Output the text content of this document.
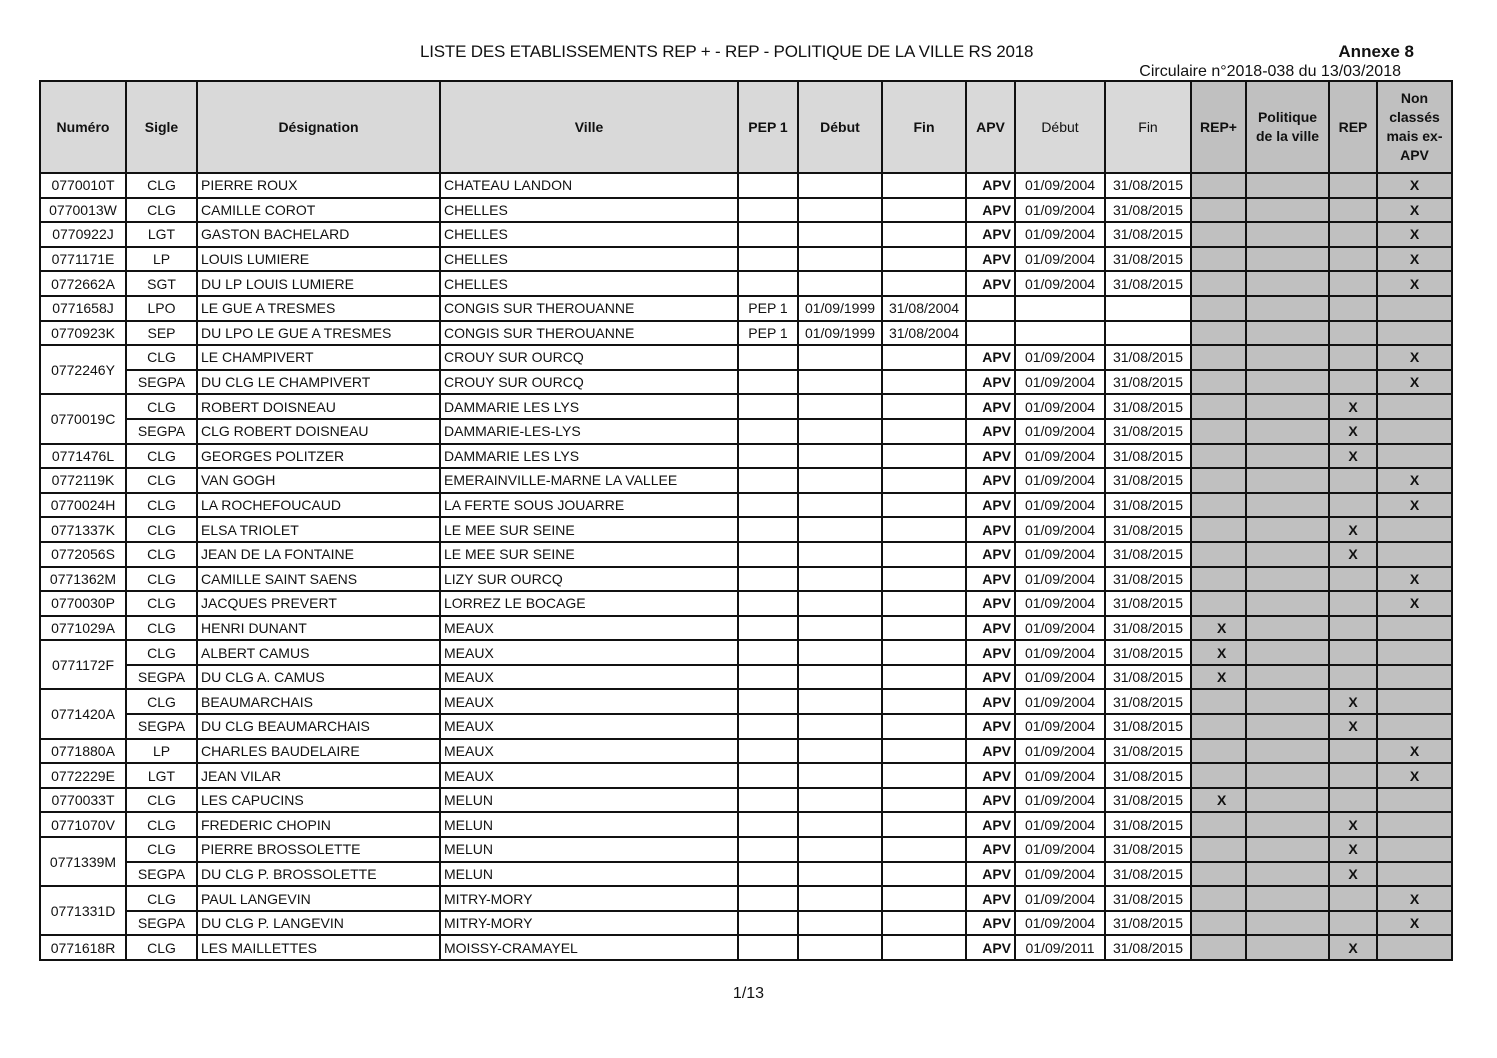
LISTE DES ETABLISSEMENTS REP + - REP - POLITIQUE DE LA VILLE RS 2018	Annexe 8
Circulaire n°2018-038 du 13/03/2018
Numéro	Sigle	Désignation	Ville	PEP 1	Début	Fin	APV	Début	Fin	REP+	Politique de la ville	REP	Non classés mais ex-APV
0770010T	CLG	PIERRE ROUX	CHATEAU LANDON				APV	01/09/2004	31/08/2015				X
0770013W	CLG	CAMILLE COROT	CHELLES				APV	01/09/2004	31/08/2015				X
0770922J	LGT	GASTON BACHELARD	CHELLES				APV	01/09/2004	31/08/2015				X
0771171E	LP	LOUIS LUMIERE	CHELLES				APV	01/09/2004	31/08/2015				X
0772662A	SGT	DU LP LOUIS LUMIERE	CHELLES				APV	01/09/2004	31/08/2015				X
0771658J	LPO	LE GUE A TRESMES	CONGIS SUR THEROUANNE	PEP 1	01/09/1999	31/08/2004							
0770923K	SEP	DU LPO LE GUE A TRESMES	CONGIS SUR THEROUANNE	PEP 1	01/09/1999	31/08/2004							
0772246Y	CLG	LE CHAMPIVERT	CROUY SUR OURCQ				APV	01/09/2004	31/08/2015				X
	SEGPA	DU CLG LE CHAMPIVERT	CROUY SUR OURCQ				APV	01/09/2004	31/08/2015				X
0770019C	CLG	ROBERT DOISNEAU	DAMMARIE LES LYS				APV	01/09/2004	31/08/2015			X	
	SEGPA	CLG ROBERT DOISNEAU	DAMMARIE-LES-LYS				APV	01/09/2004	31/08/2015			X	
0771476L	CLG	GEORGES POLITZER	DAMMARIE LES LYS				APV	01/09/2004	31/08/2015			X	
0772119K	CLG	VAN GOGH	EMERAINVILLE-MARNE LA VALLEE				APV	01/09/2004	31/08/2015				X
0770024H	CLG	LA ROCHEFOUCAUD	LA FERTE SOUS JOUARRE				APV	01/09/2004	31/08/2015				X
0771337K	CLG	ELSA TRIOLET	LE MEE SUR SEINE				APV	01/09/2004	31/08/2015			X	
0772056S	CLG	JEAN DE LA FONTAINE	LE MEE SUR SEINE				APV	01/09/2004	31/08/2015			X	
0771362M	CLG	CAMILLE SAINT SAENS	LIZY SUR OURCQ				APV	01/09/2004	31/08/2015				X
0770030P	CLG	JACQUES PREVERT	LORREZ LE BOCAGE				APV	01/09/2004	31/08/2015				X
0771029A	CLG	HENRI DUNANT	MEAUX				APV	01/09/2004	31/08/2015	X			
0771172F	CLG	ALBERT CAMUS	MEAUX				APV	01/09/2004	31/08/2015	X			
	SEGPA	DU CLG A. CAMUS	MEAUX				APV	01/09/2004	31/08/2015	X			
0771420A	CLG	BEAUMARCHAIS	MEAUX				APV	01/09/2004	31/08/2015			X	
	SEGPA	DU CLG BEAUMARCHAIS	MEAUX				APV	01/09/2004	31/08/2015			X	
0771880A	LP	CHARLES BAUDELAIRE	MEAUX				APV	01/09/2004	31/08/2015				X
0772229E	LGT	JEAN VILAR	MEAUX				APV	01/09/2004	31/08/2015				X
0770033T	CLG	LES CAPUCINS	MELUN				APV	01/09/2004	31/08/2015	X			
0771070V	CLG	FREDERIC CHOPIN	MELUN				APV	01/09/2004	31/08/2015			X	
0771339M	CLG	PIERRE BROSSOLETTE	MELUN				APV	01/09/2004	31/08/2015			X	
	SEGPA	DU CLG P. BROSSOLETTE	MELUN				APV	01/09/2004	31/08/2015			X	
0771331D	CLG	PAUL LANGEVIN	MITRY-MORY				APV	01/09/2004	31/08/2015				X
	SEGPA	DU CLG P. LANGEVIN	MITRY-MORY				APV	01/09/2004	31/08/2015				X
0771618R	CLG	LES MAILLETTES	MOISSY-CRAMAYEL				APV	01/09/2011	31/08/2015			X	
1/13
